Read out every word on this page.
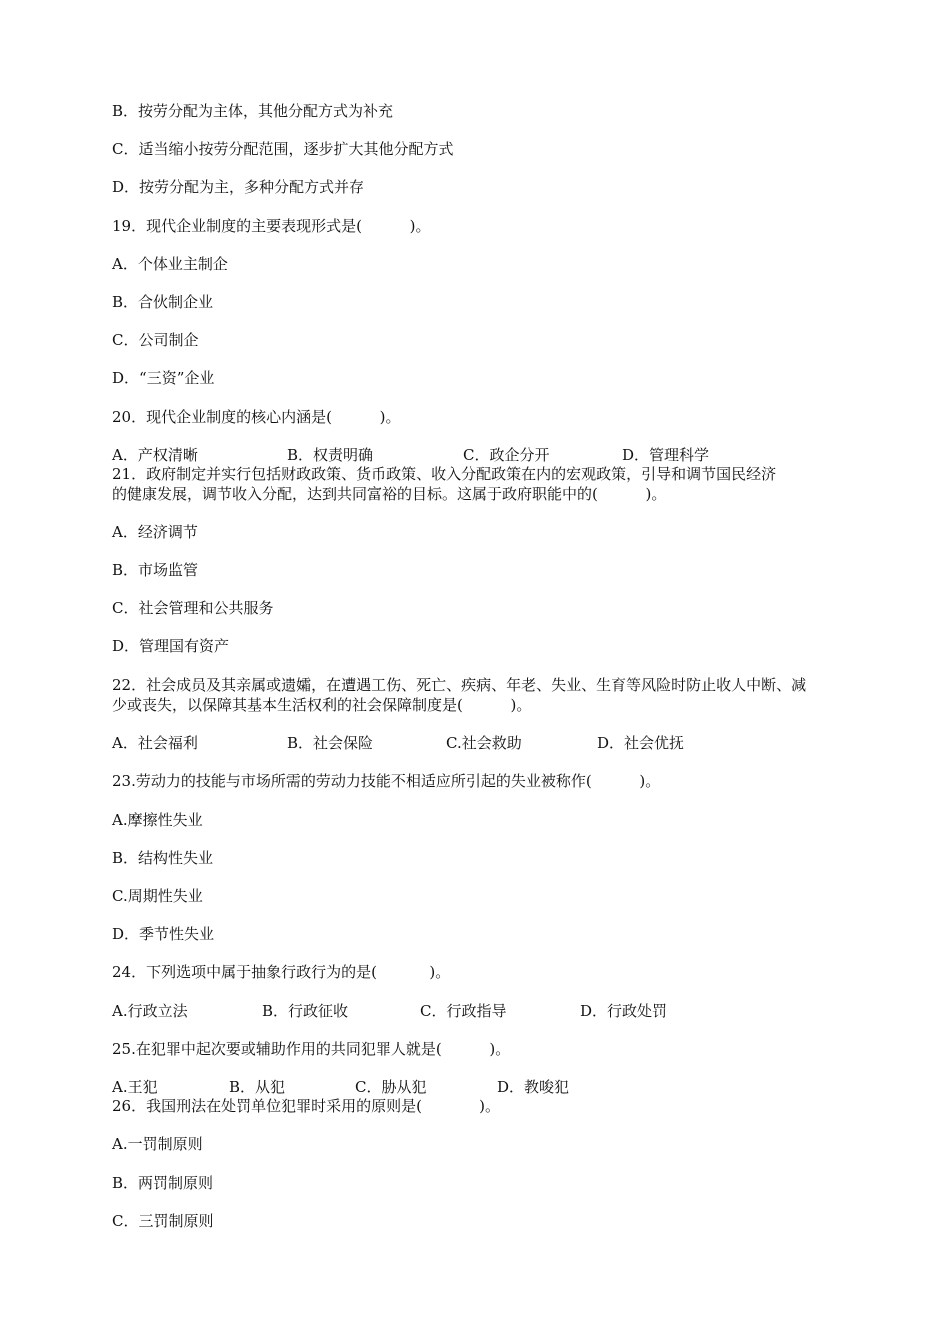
B．按劳分配为主体，其他分配方式为补充

C．适当缩小按劳分配范围，逐步扩大其他分配方式

D．按劳分配为主，多种分配方式并存

19．现代企业制度的主要表现形式是(          )。

A．个体业主制企

B．合伙制企业

C．公司制企

D．“三资”企业

20．现代企业制度的核心内涵是(          )。

A．产权清晰	B．权责明确	C．政企分开	D．管理科学

21．政府制定并实行包括财政政策、货币政策、收入分配政策在内的宏观政策，引导和调节国民经济

的健康发展，调节收入分配，达到共同富裕的目标。这属于政府职能中的(          )。

A．经济调节

B．市场监管

C．社会管理和公共服务

D．管理国有资产

22．社会成员及其亲属或遗孀，在遭遇工伤、死亡、疾病、年老、失业、生育等风险时防止收人中断、减

少或丧失，以保障其基本生活权利的社会保障制度是(          )。

A．社会福利	B．社会保险	C.社会救助	D．社会优抚

23.劳动力的技能与市场所需的劳动力技能不相适应所引起的失业被称作(          )。

A.摩擦性失业

B．结构性失业

C.周期性失业

D．季节性失业

24．下列选项中属于抽象行政行为的是(           )。

A.行政立法	B．行政征收	C．行政指导	D．行政处罚

25.在犯罪中起次要或辅助作用的共同犯罪人就是(          )。

A.王犯	B．从犯	C．胁从犯	D．教唆犯

26．我国刑法在处罚单位犯罪时采用的原则是(            )。

A.一罚制原则

B．两罚制原则

C．三罚制原则
